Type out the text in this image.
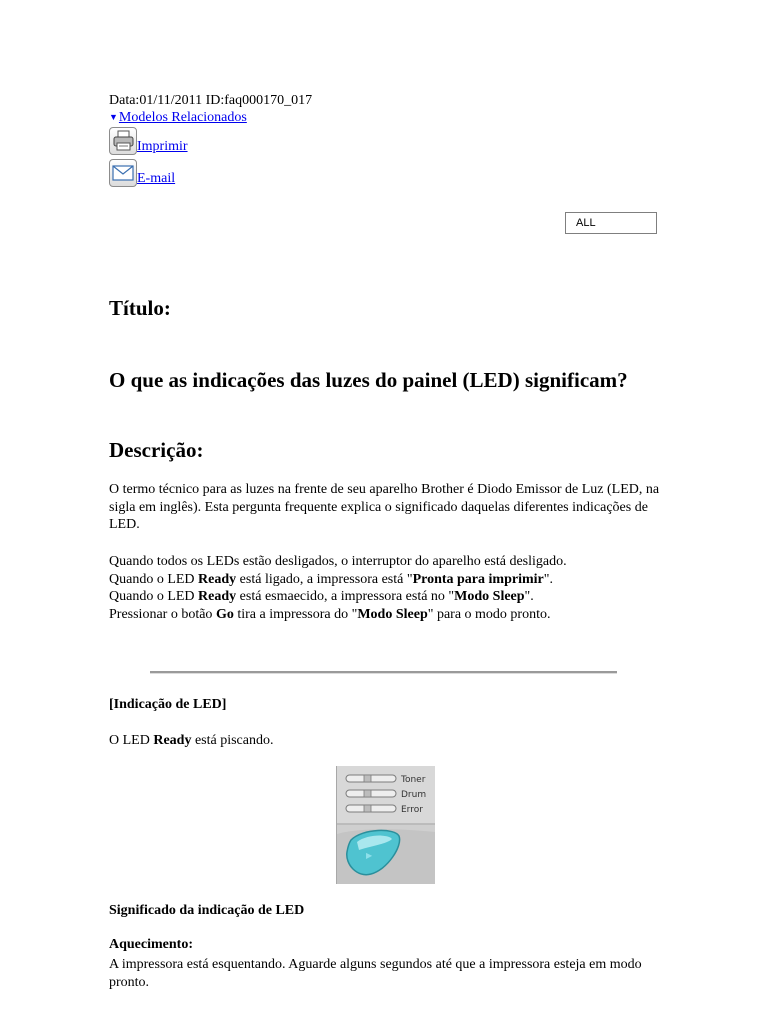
Data:01/11/2011 ID:faq000170_017
▼Modelos Relacionados
Imprimir
E-mail
ALL
Título:
O que as indicações das luzes do painel (LED) significam?
Descrição:
O termo técnico para as luzes na frente de seu aparelho Brother é Diodo Emissor de Luz (LED, na sigla em inglês). Esta pergunta frequente explica o significado daquelas diferentes indicações de LED.
Quando todos os LEDs estão desligados, o interruptor do aparelho está desligado.
Quando o LED Ready está ligado, a impressora está "Pronta para imprimir".
Quando o LED Ready está esmaecido, a impressora está no "Modo Sleep".
Pressionar o botão Go tira a impressora do "Modo Sleep" para o modo pronto.
[Indicação de LED]
O LED Ready está piscando.
Toner
Drum
Error
▶
Significado da indicação de LED
Aquecimento:
A impressora está esquentando. Aguarde alguns segundos até que a impressora esteja em modo pronto.
